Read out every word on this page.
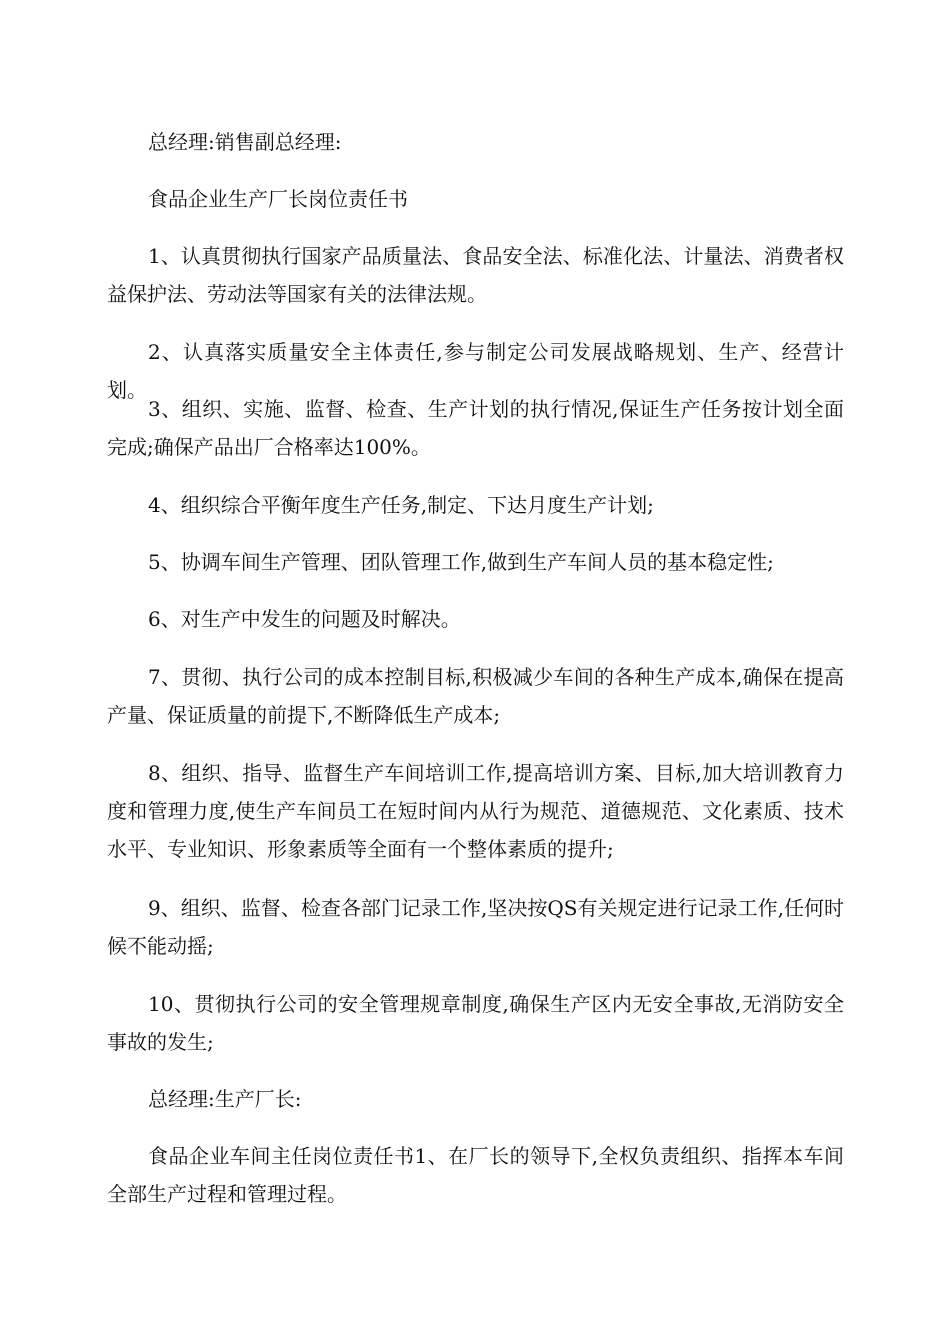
总经理:销售副总经理:

食品企业生产厂长岗位责任书

1、认真贯彻执行国家产品质量法、食品安全法、标准化法、计量法、消费者权益保护法、劳动法等国家有关的法律法规。

2、认真落实质量安全主体责任,参与制定公司发展战略规划、生产、经营计划。

3、组织、实施、监督、检查、生产计划的执行情况,保证生产任务按计划全面完成;确保产品出厂合格率达100%。

4、组织综合平衡年度生产任务,制定、下达月度生产计划;

5、协调车间生产管理、团队管理工作,做到生产车间人员的基本稳定性;

6、对生产中发生的问题及时解决。

7、贯彻、执行公司的成本控制目标,积极减少车间的各种生产成本,确保在提高产量、保证质量的前提下,不断降低生产成本;

8、组织、指导、监督生产车间培训工作,提高培训方案、目标,加大培训教育力度和管理力度,使生产车间员工在短时间内从行为规范、道德规范、文化素质、技术水平、专业知识、形象素质等全面有一个整体素质的提升;

9、组织、监督、检查各部门记录工作,坚决按QS有关规定进行记录工作,任何时候不能动摇;

10、贯彻执行公司的安全管理规章制度,确保生产区内无安全事故,无消防安全事故的发生;

总经理:生产厂长:

食品企业车间主任岗位责任书1、在厂长的领导下,全权负责组织、指挥本车间全部生产过程和管理过程。
